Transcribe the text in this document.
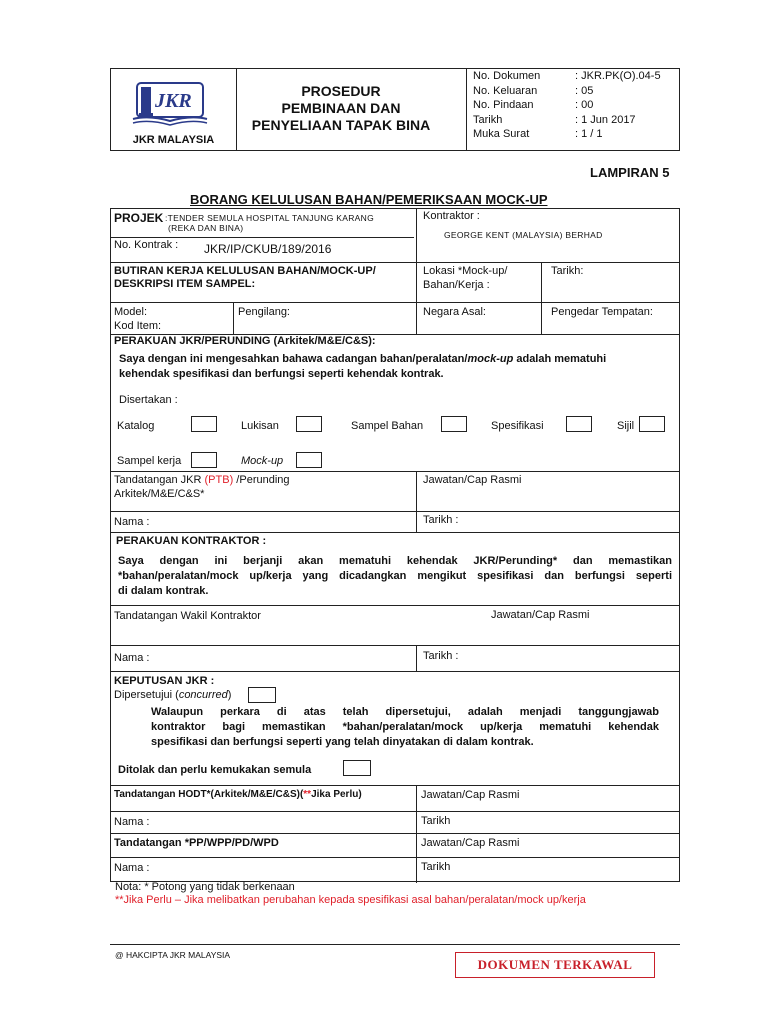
JKR
JKR MALAYSIA
PROSEDUR
PEMBINAAN DAN
PENYELIAAN TAPAK BINA
No. Dokumen	: JKR.PK(O).04-5
No. Keluaran	: 05
No. Pindaan	: 00
Tarikh	: 1 Jun 2017
Muka Surat	: 1 / 1
LAMPIRAN 5
BORANG KELULUSAN BAHAN/PEMERIKSAAN MOCK-UP
PROJEK :TENDER SEMULA HOSPITAL TANJUNG KARANG
(REKA DAN BINA)
Kontraktor :
GEORGE KENT (MALAYSIA) BERHAD
No. Kontrak : JKR/IP/CKUB/189/2016
BUTIRAN KERJA KELULUSAN BAHAN/MOCK-UP/
DESKRIPSI ITEM SAMPEL:
Lokasi *Mock-up/
Bahan/Kerja :
Tarikh:
Model:
Kod Item:
Pengilang:	Negara Asal:	Pengedar Tempatan:
PERAKUAN JKR/PERUNDING (Arkitek/M&E/C&S):
Saya dengan ini mengesahkan bahawa cadangan bahan/peralatan/mock-up adalah mematuhi
kehendak spesifikasi dan berfungsi seperti kehendak kontrak.
Disertakan :
Katalog	Lukisan	Sampel Bahan	Spesifikasi	Sijil
Sampel kerja	Mock-up
Tandatangan JKR (PTB) /Perunding
Arkitek/M&E/C&S*
Jawatan/Cap Rasmi
Nama :	Tarikh :
PERAKUAN KONTRAKTOR :
Saya dengan ini berjanji akan mematuhi kehendak JKR/Perunding* dan memastikan
*bahan/peralatan/mock up/kerja yang dicadangkan mengikut spesifikasi dan berfungsi seperti
di dalam kontrak.
Tandatangan Wakil Kontraktor	Jawatan/Cap Rasmi
Nama :	Tarikh :
KEPUTUSAN JKR :
Dipersetujui (concurred)
Walaupun perkara di atas telah dipersetujui, adalah menjadi tanggungjawab
kontraktor bagi memastikan *bahan/peralatan/mock up/kerja mematuhi kehendak
spesifikasi dan berfungsi seperti yang telah dinyatakan di dalam kontrak.
Ditolak dan perlu kemukakan semula
Tandatangan HODT*(Arkitek/M&E/C&S)(**Jika Perlu)	Jawatan/Cap Rasmi
Nama :	Tarikh
Tandatangan *PP/WPP/PD/WPD	Jawatan/Cap Rasmi
Nama :	Tarikh
Nota: * Potong yang tidak berkenaan
**Jika Perlu – Jika melibatkan perubahan kepada spesifikasi asal bahan/peralatan/mock up/kerja
@ HAKCIPTA JKR MALAYSIA
DOKUMEN TERKAWAL
